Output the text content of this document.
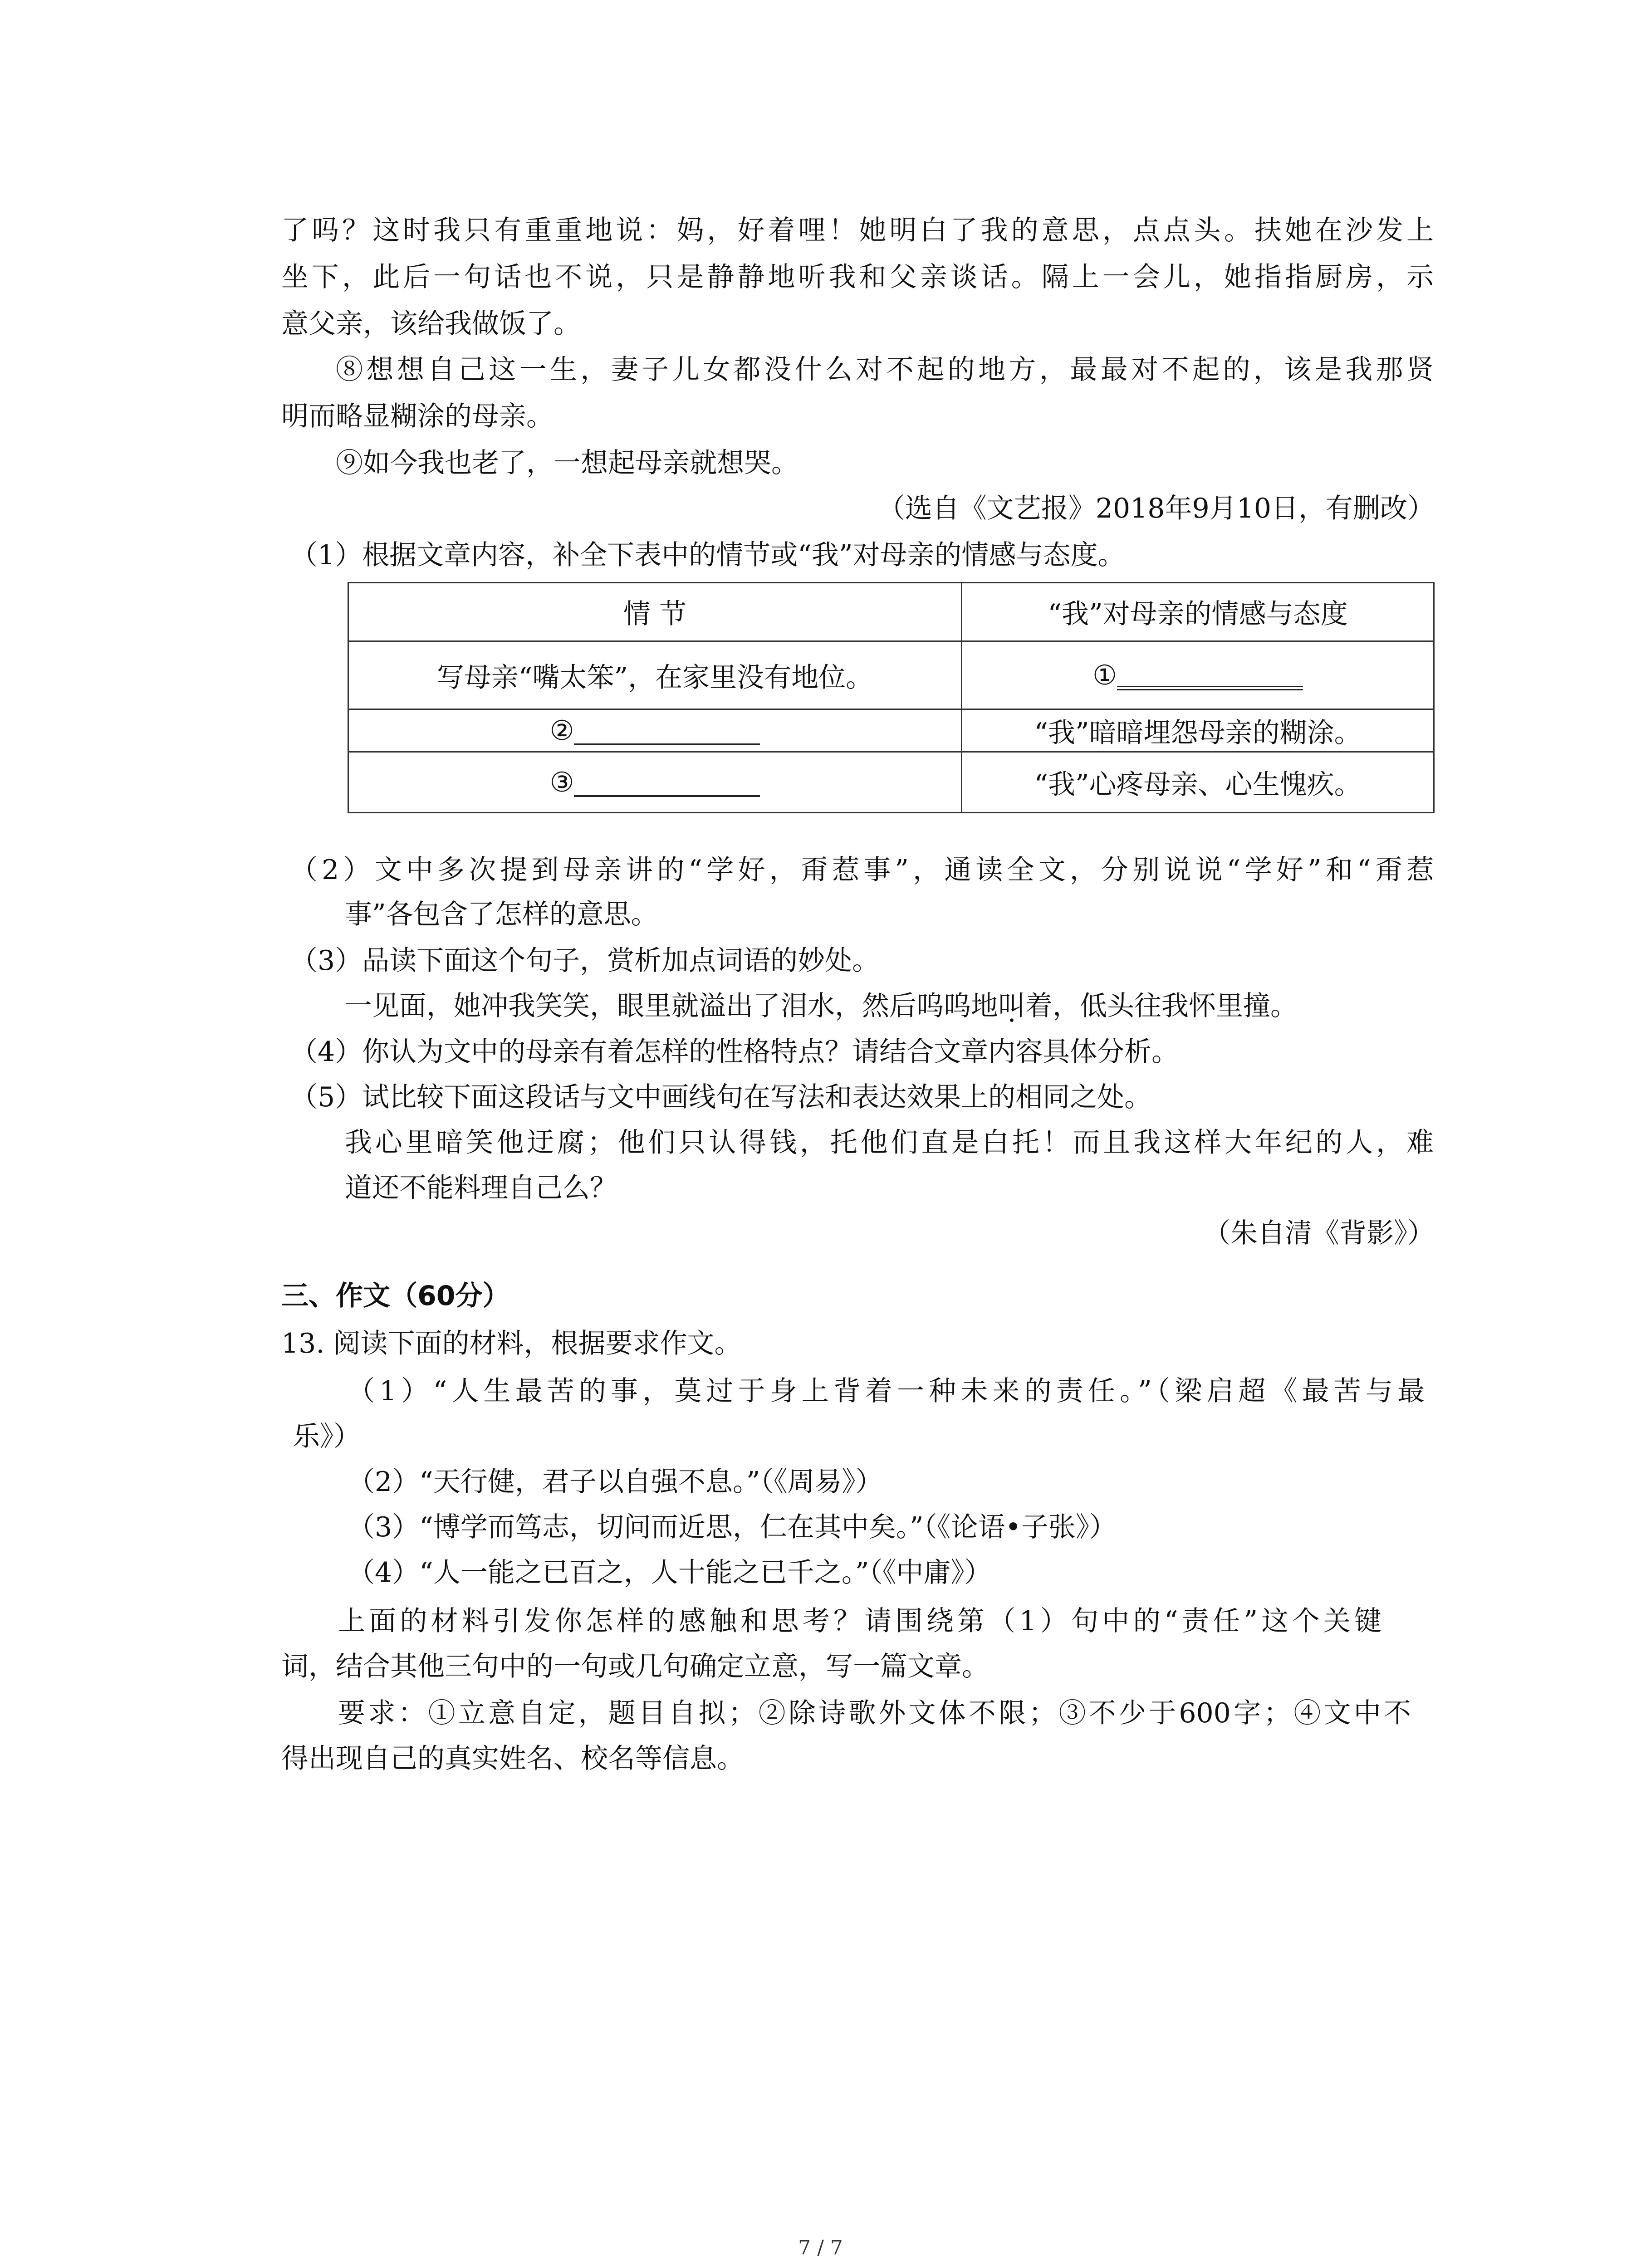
了吗？这时我只有重重地说：妈，好着哩！她明白了我的意思，点点头。扶她在沙发上
坐下，此后一句话也不说，只是静静地听我和父亲谈话。隔上一会儿，她指指厨房，示
意父亲，该给我做饭了。
⑧想想自己这一生，妻子儿女都没什么对不起的地方，最最对不起的，该是我那贤
明而略显糊涂的母亲。
⑨如今我也老了，一想起母亲就想哭。
（选自《文艺报》2018年9月10日，有删改）
（1）根据文章内容，补全下表中的情节或“我”对母亲的情感与态度。
情 节	“我”对母亲的情感与态度
写母亲“嘴太笨”，在家里没有地位。	①
②	“我”暗暗埋怨母亲的糊涂。
③	“我”心疼母亲、心生愧疚。
（2）文中多次提到母亲讲的“学好，甭惹事”，通读全文，分别说说“学好”和“甭惹
事”各包含了怎样的意思。
（3）品读下面这个句子，赏析加点词语的妙处。
一见面，她冲我笑笑，眼里就溢出了泪水，然后呜呜地叫着，低头往我怀里撞。
（4）你认为文中的母亲有着怎样的性格特点？请结合文章内容具体分析。
（5）试比较下面这段话与文中画线句在写法和表达效果上的相同之处。
我心里暗笑他迂腐；他们只认得钱，托他们直是白托！而且我这样大年纪的人，难
道还不能料理自己么？
（朱自清《背影》）
三、作文（60分）
13. 阅读下面的材料，根据要求作文。
（1）“人生最苦的事，莫过于身上背着一种未来的责任。”（梁启超《最苦与最
乐》）
（2）“天行健，君子以自强不息。”（《周易》）
（3）“博学而笃志，切问而近思，仁在其中矣。”（《论语•子张》）
（4）“人一能之已百之，人十能之已千之。”（《中庸》）
上面的材料引发你怎样的感触和思考？请围绕第（1）句中的“责任”这个关键
词，结合其他三句中的一句或几句确定立意，写一篇文章。
要求：①立意自定，题目自拟；②除诗歌外文体不限；③不少于600字；④文中不
得出现自己的真实姓名、校名等信息。
7 / 7
